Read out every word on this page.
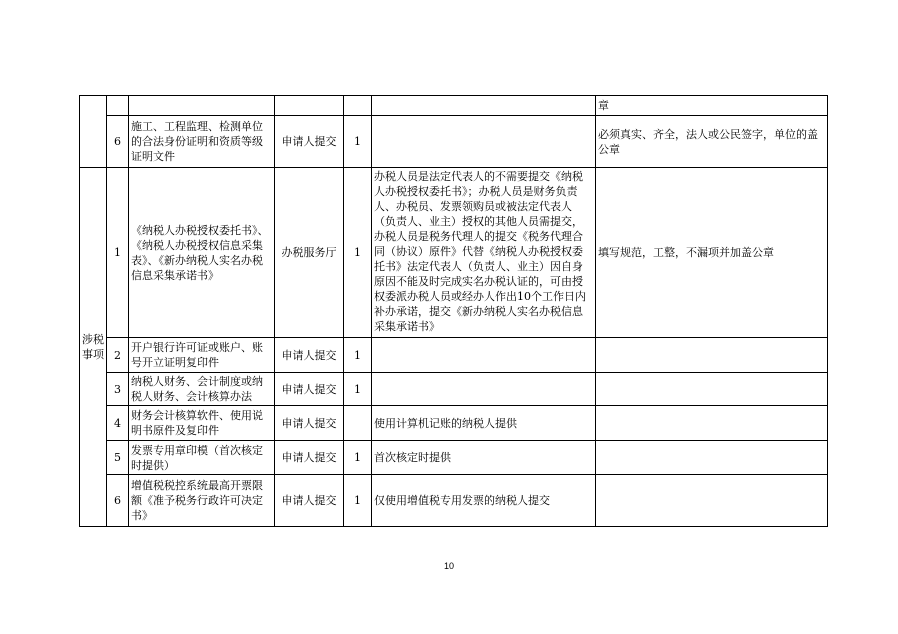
						章
	6	施工、工程监理、检测单位的合法身份证明和资质等级证明文件	申请人提交	1		必须真实、齐全，法人或公民签字，单位的盖公章
涉税事项	1	《纳税人办税授权委托书》、《纳税人办税授权信息采集表》、《新办纳税人实名办税信息采集承诺书》	办税服务厅	1	办税人员是法定代表人的不需要提交《纳税人办税授权委托书》；办税人员是财务负责人、办税员、发票领购员或被法定代表人（负责人、业主）授权的其他人员需提交，办税人员是税务代理人的提交《税务代理合同（协议）原件》代替《纳税人办税授权委托书》法定代表人（负责人、业主）因自身原因不能及时完成实名办税认证的，可由授权委派办税人员或经办人作出10个工作日内补办承诺，提交《新办纳税人实名办税信息采集承诺书》	填写规范，工整，不漏项并加盖公章
	2	开户银行许可证或账户、账号开立证明复印件	申请人提交	1		
	3	纳税人财务、会计制度或纳税人财务、会计核算办法	申请人提交	1		
	4	财务会计核算软件、使用说明书原件及复印件	申请人提交		使用计算机记账的纳税人提供	
	5	发票专用章印模（首次核定时提供）	申请人提交	1	首次核定时提供	
	6	增值税税控系统最高开票限额《准予税务行政许可决定书》	申请人提交	1	仅使用增值税专用发票的纳税人提交	
10
